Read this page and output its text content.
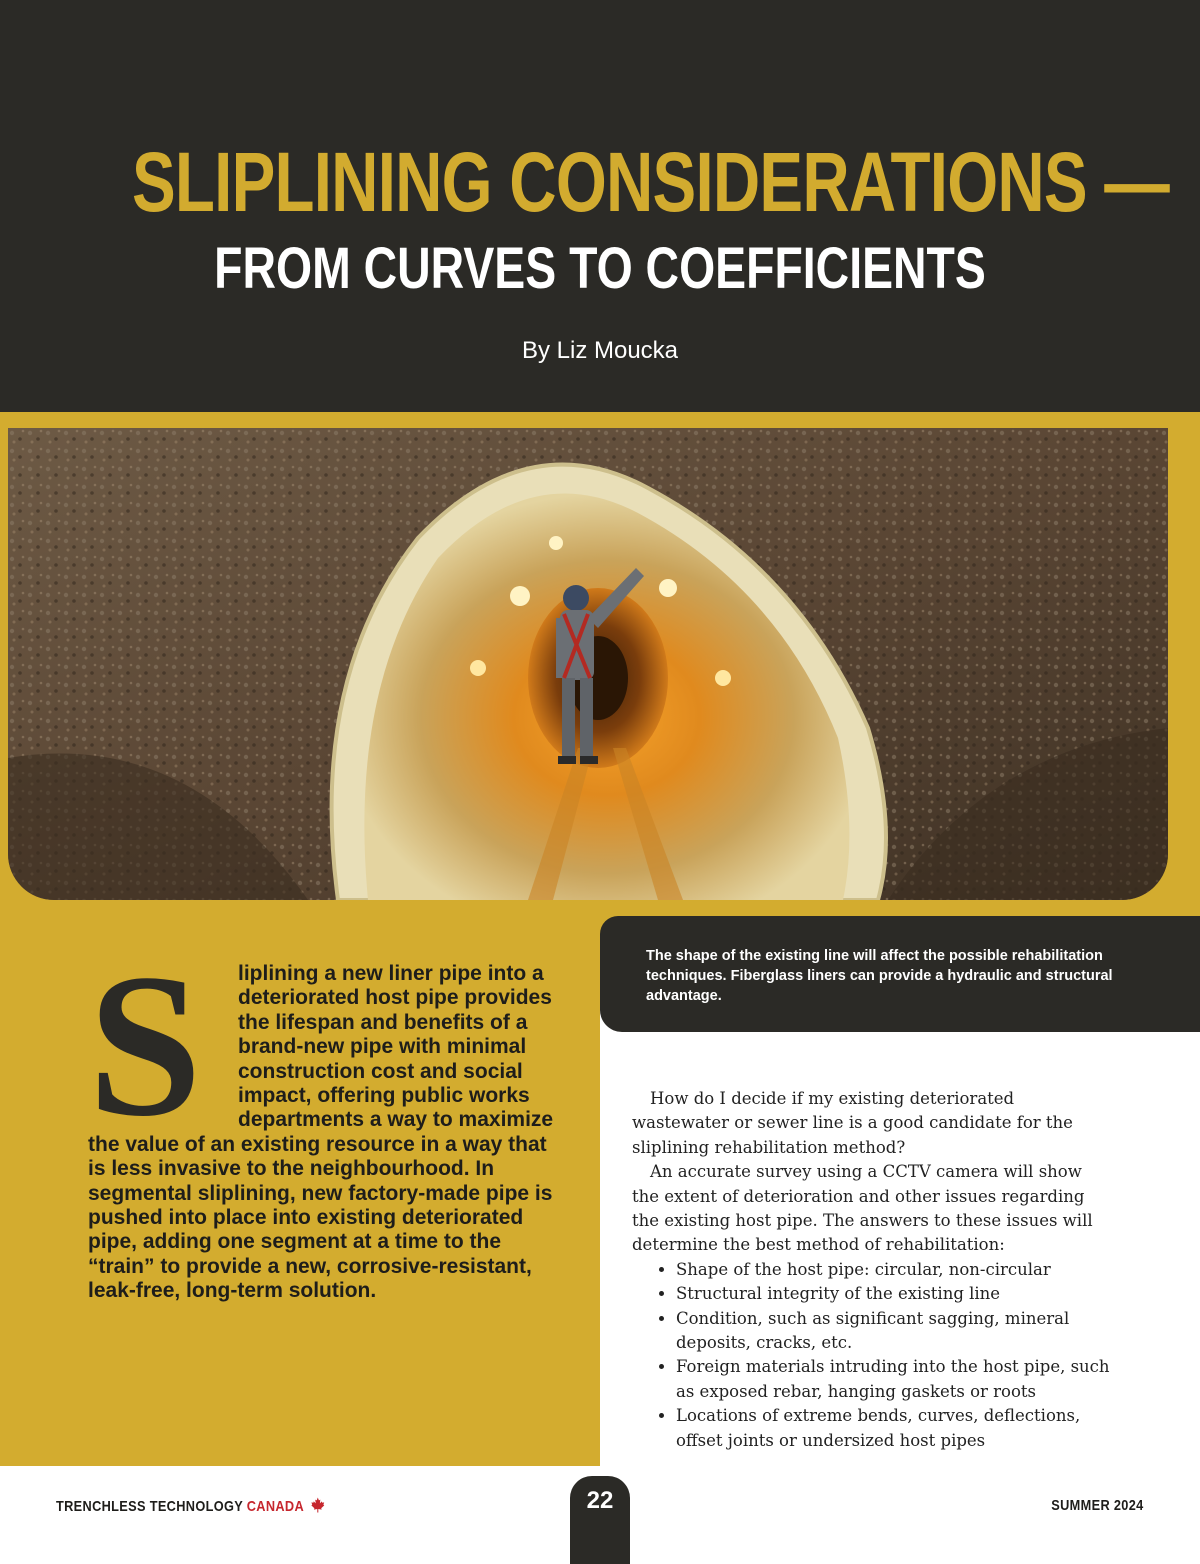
SLIPLINING CONSIDERATIONS —
FROM CURVES TO COEFFICIENTS
By Liz Moucka
The shape of the existing line will affect the possible rehabilitation techniques. Fiberglass liners can provide a hydraulic and structural advantage.
S	liplining a new liner pipe into a deteriorated host pipe provides the lifespan and benefits of a brand-new pipe with minimal construction cost and social impact, offering public works departments a way to maximize the value of an existing resource in a way that is less invasive to the neighbourhood. In segmental sliplining, new factory-made pipe is pushed into place into existing deteriorated pipe, adding one segment at a time to the “train” to provide a new, corrosive-resistant, leak-free, long-term solution.

How do I decide if my existing deteriorated wastewater or sewer line is a good candidate for the sliplining rehabilitation method?

An accurate survey using a CCTV camera will show the extent of deterioration and other issues regarding the existing host pipe. The answers to these issues will determine the best method of rehabilitation:

• Shape of the host pipe: circular, non-circular
• Structural integrity of the existing line
• Condition, such as significant sagging, mineral deposits, cracks, etc.
• Foreign materials intruding into the host pipe, such as exposed rebar, hanging gaskets or roots
• Locations of extreme bends, curves, deflections, offset joints or undersized host pipes
TRENCHLESS TECHNOLOGY CANADA	22	SUMMER 2024
